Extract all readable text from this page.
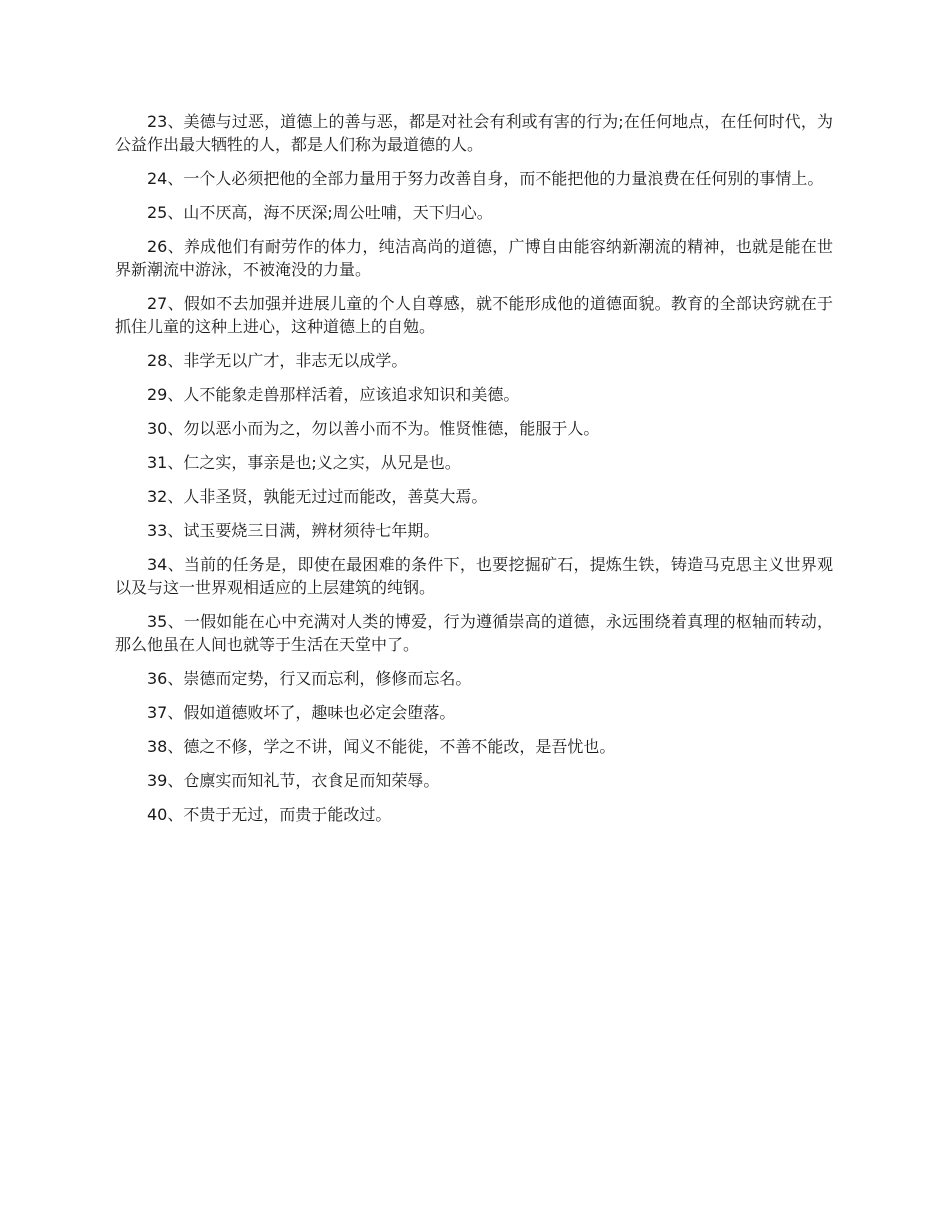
23、美德与过恶，道德上的善与恶，都是对社会有利或有害的行为;在任何地点，在任何时代，为公益作出最大牺牲的人，都是人们称为最道德的人。

24、一个人必须把他的全部力量用于努力改善自身，而不能把他的力量浪费在任何别的事情上。

25、山不厌高，海不厌深;周公吐哺，天下归心。

26、养成他们有耐劳作的体力，纯洁高尚的道德，广博自由能容纳新潮流的精神，也就是能在世界新潮流中游泳，不被淹没的力量。

27、假如不去加强并进展儿童的个人自尊感，就不能形成他的道德面貌。教育的全部诀窍就在于抓住儿童的这种上进心，这种道德上的自勉。

28、非学无以广才，非志无以成学。

29、人不能象走兽那样活着，应该追求知识和美德。

30、勿以恶小而为之，勿以善小而不为。惟贤惟德，能服于人。

31、仁之实，事亲是也;义之实，从兄是也。

32、人非圣贤，孰能无过过而能改，善莫大焉。

33、试玉要烧三日满，辨材须待七年期。

34、当前的任务是，即使在最困难的条件下，也要挖掘矿石，提炼生铁，铸造马克思主义世界观以及与这一世界观相适应的上层建筑的纯钢。

35、一假如能在心中充满对人类的博爱，行为遵循崇高的道德，永远围绕着真理的枢轴而转动，那么他虽在人间也就等于生活在天堂中了。

36、崇德而定势，行又而忘利，修修而忘名。

37、假如道德败坏了，趣味也必定会堕落。

38、德之不修，学之不讲，闻义不能徙，不善不能改，是吾忧也。

39、仓廪实而知礼节，衣食足而知荣辱。

40、不贵于无过，而贵于能改过。
